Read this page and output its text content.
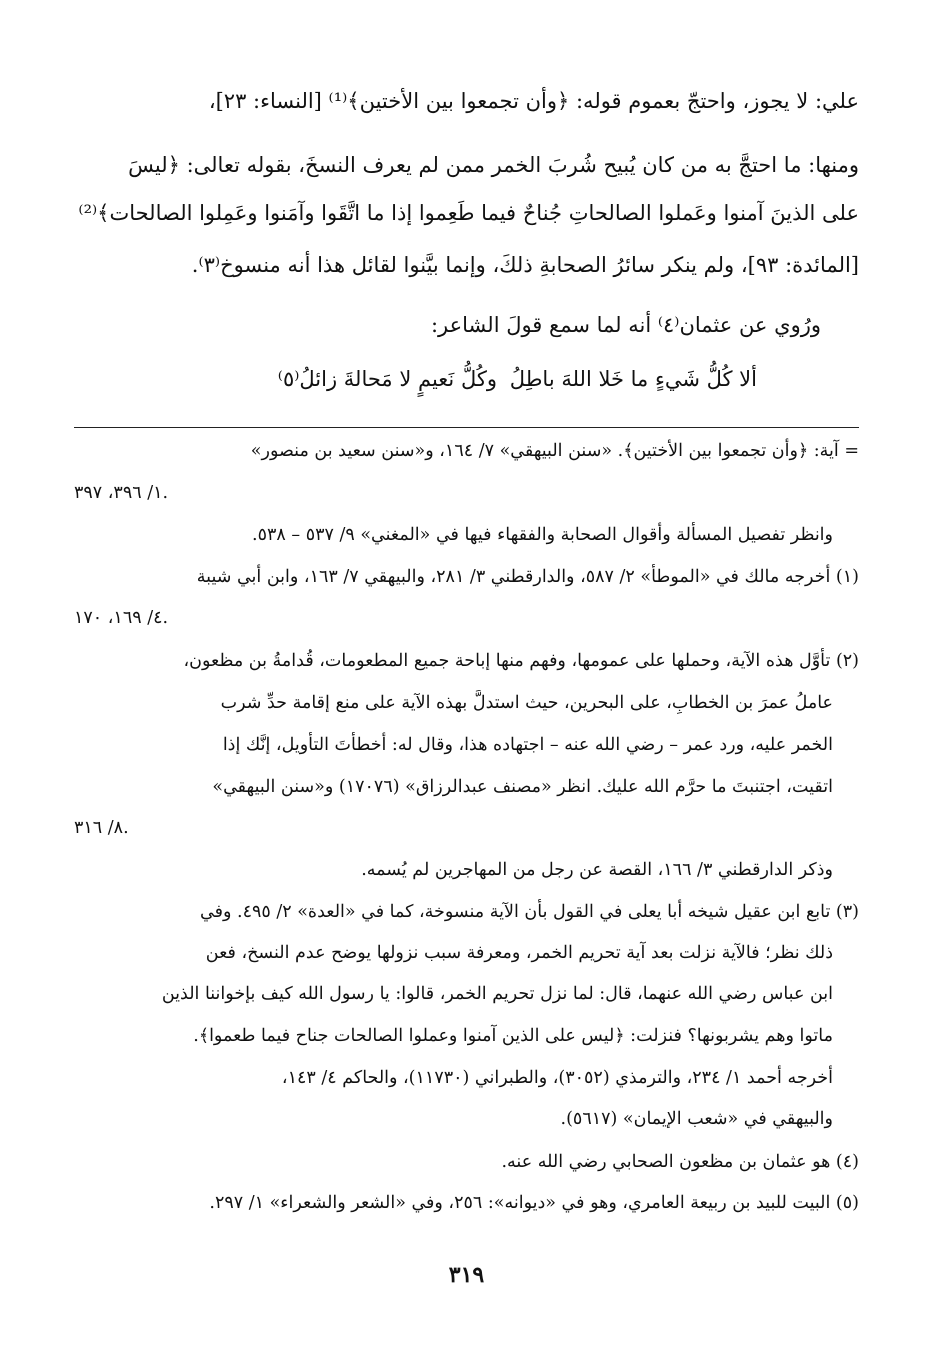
علي: لا يجوز، واحتجّ بعموم قوله: ﴿وأن تجمعوا بين الأختين﴾⁽¹⁾ [النساء: ٢٣]،
ومنها: ما احتجَّ به من كان يُبيح شُربَ الخمر ممن لم يعرف النسخَ، بقوله تعالى: ﴿ليسَ
على الذينَ آمنوا وعَملوا الصالحاتِ جُناحٌ فيما طَعِموا إذا ما اتَّقَوا وآمَنوا وعَمِلوا الصالحات﴾⁽²⁾
[المائدة: ٩٣]، ولم ينكر سائرُ الصحابةِ ذلكَ، وإنما بيَّنوا لقائل هذا أنه منسوخ⁽٣⁾.
ورُوي عن عثمان⁽٤⁾ أنه لما سمع قولَ الشاعر:
ألا كُلُّ شَيءٍ ما خَلا اللهَ باطِلُ
وكُلُّ نَعيمٍ لا مَحالةَ زائلُ⁽٥⁾
= آية: ﴿وأن تجمعوا بين الأختين﴾. «سنن البيهقي» ٧/ ١٦٤، و«سنن سعيد بن منصور»
١/ ٣٩٦، ٣٩٧.
وانظر تفصيل المسألة وأقوال الصحابة والفقهاء فيها في «المغني» ٩/ ٥٣٧ – ٥٣٨.
(١) أخرجه مالك في «الموطأ» ٢/ ٥٨٧، والدارقطني ٣/ ٢٨١، والبيهقي ٧/ ١٦٣، وابن أبي شيبة
٤/ ١٦٩، ١٧٠.
(٢) تأوَّل هذه الآية، وحملها على عمومها، وفهم منها إباحة جميع المطعومات، قُدامةُ بن مظعون،
عاملُ عمرَ بن الخطابِ، على البحرين، حيث استدلَّ بهذه الآية على منع إقامة حدِّ شرب
الخمر عليه، ورد عمر – رضي الله عنه – اجتهاده هذا، وقال له: أخطأتَ التأويل، إنَّك إذا
اتقيت، اجتنبتَ ما حرَّم الله عليك. انظر «مصنف عبدالرزاق» (١٧٠٧٦) و«سنن البيهقي»
٨/ ٣١٦.
وذكر الدارقطني ٣/ ١٦٦، القصة عن رجل من المهاجرين لم يُسمه.
(٣) تابع ابن عقيل شيخه أبا يعلى في القول بأن الآية منسوخة، كما في «العدة» ٢/ ٤٩٥. وفي
ذلك نظر؛ فالآية نزلت بعد آية تحريم الخمر، ومعرفة سبب نزولها يوضح عدم النسخ، فعن
ابن عباس رضي الله عنهما، قال: لما نزل تحريم الخمر، قالوا: يا رسول الله كيف بإخواننا الذين
ماتوا وهم يشربونها؟ فنزلت: ﴿ليس على الذين آمنوا وعملوا الصالحات جناح فيما طعموا﴾.
أخرجه أحمد ١/ ٢٣٤، والترمذي (٣٠٥٢)، والطبراني (١١٧٣٠)، والحاكم ٤/ ١٤٣،
والبيهقي في «شعب الإيمان» (٥٦١٧).
(٤) هو عثمان بن مظعون الصحابي رضي الله عنه.
(٥) البيت للبيد بن ربيعة العامري، وهو في «ديوانه»: ٢٥٦، وفي «الشعر والشعراء» ١/ ٢٩٧.
٣١٩
